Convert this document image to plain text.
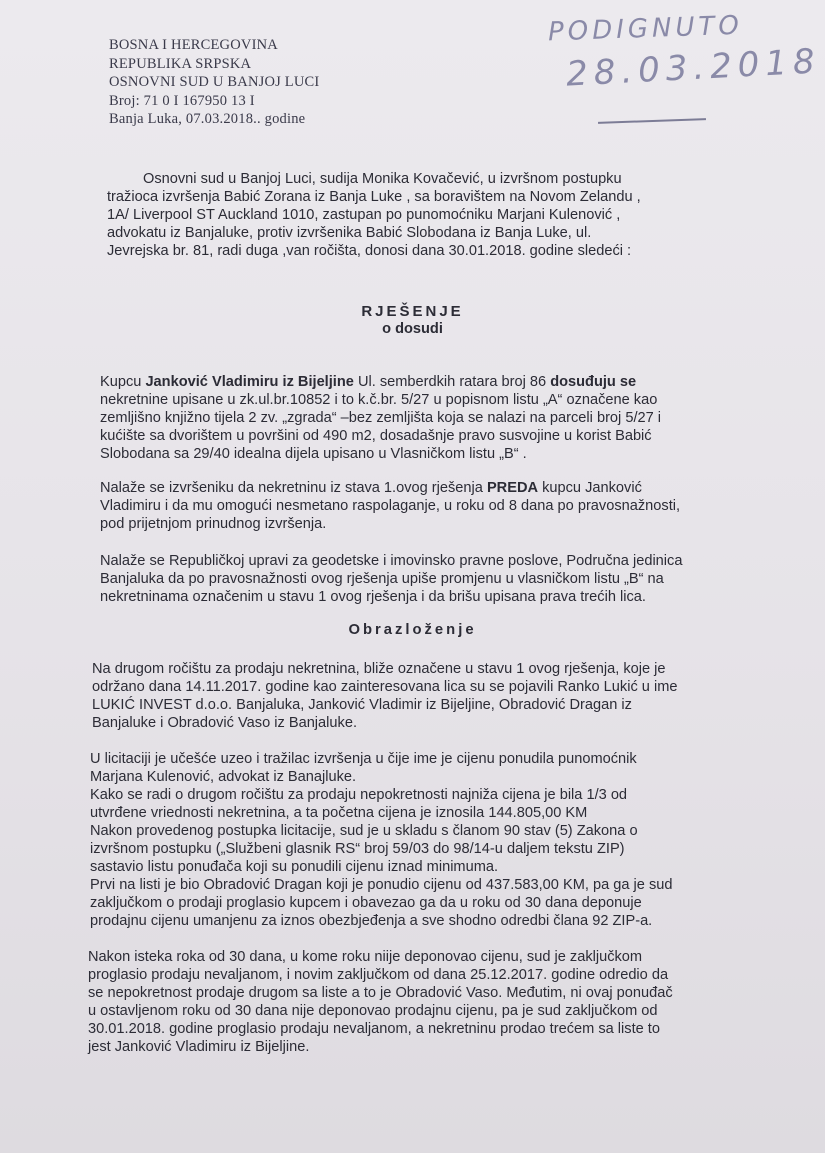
PODIGNUTO
28.03.2018
BOSNA I HERCEGOVINA
REPUBLIKA SRPSKA
OSNOVNI SUD U BANJOJ LUCI
Broj: 71 0 I 167950 13 I
Banja Luka, 07.03.2018.. godine
Osnovni sud u Banjoj Luci, sudija Monika Kovačević, u izvršnom postupku
tražioca izvršenja Babić Zorana iz Banja Luke , sa boravištem na Novom Zelandu ,
1A/ Liverpool ST Auckland 1010, zastupan po punomoćniku Marjani Kulenović ,
advokatu iz Banjaluke, protiv izvršenika Babić Slobodana iz Banja Luke, ul.
Jevrejska br. 81, radi duga ,van ročišta, donosi dana 30.01.2018. godine sledeći :
RJEŠENJE
o dosudi
Kupcu Janković Vladimiru iz Bijeljine Ul. semberdkih ratara broj 86 dosuđuju se
nekretnine upisane u zk.ul.br.10852 i to k.č.br. 5/27 u popisnom listu „A“ označene kao
zemljišno knjižno tijela 2 zv. „zgrada“ –bez zemljišta koja se nalazi na parceli broj 5/27 i
kućište sa dvorištem u površini od 490 m2, dosadašnje pravo susvojine u korist Babić
Slobodana sa 29/40 idealna dijela upisano u Vlasničkom listu „B“ .
Nalaže se izvršeniku da nekretninu iz stava 1.ovog rješenja PREDA kupcu Janković
Vladimiru i da mu omogući nesmetano raspolaganje, u roku od 8 dana po pravosnažnosti,
pod prijetnjom prinudnog izvršenja.
Nalaže se Republičkoj upravi za geodetske i imovinsko pravne poslove, Područna jedinica
Banjaluka da po pravosnažnosti ovog rješenja upiše promjenu u vlasničkom listu „B“ na
nekretninama označenim u stavu 1 ovog rješenja i da brišu upisana prava trećih lica.
Obrazloženje
Na drugom ročištu za prodaju nekretnina, bliže označene u stavu 1 ovog rješenja, koje je
održano dana 14.11.2017. godine kao zainteresovana lica su se pojavili Ranko Lukić u ime
LUKIĆ INVEST d.o.o. Banjaluka, Janković Vladimir iz Bijeljine, Obradović Dragan iz
Banjaluke i Obradović Vaso iz Banjaluke.
U licitaciji je učešće uzeo i tražilac izvršenja u čije ime je cijenu ponudila punomoćnik
Marjana Kulenović, advokat iz Banajluke.
Kako se radi o drugom ročištu za prodaju nepokretnosti najniža cijena je bila 1/3 od
utvrđene vriednosti nekretnina, a ta početna cijena je iznosila 144.805,00 KM
Nakon provedenog postupka licitacije, sud je u skladu s članom 90 stav (5) Zakona o
izvršnom postupku („Službeni glasnik RS“ broj 59/03 do 98/14-u daljem tekstu ZIP)
sastavio listu ponuđača koji su ponudili cijenu iznad minimuma.
Prvi na listi je bio Obradović Dragan koji je ponudio cijenu od 437.583,00 KM, pa ga je sud
zaključkom o prodaji proglasio kupcem i obavezao ga da u roku od 30 dana deponuje
prodajnu cijenu umanjenu za iznos obezbjeđenja a sve shodno odredbi člana 92 ZIP-a.
Nakon isteka roka od 30 dana, u kome roku niije deponovao cijenu, sud je zaključkom
proglasio prodaju nevaljanom, i novim zaključkom od dana 25.12.2017. godine odredio da
se nepokretnost prodaje drugom sa liste a to je Obradović Vaso. Međutim, ni ovaj ponuđač
u ostavljenom roku od 30 dana nije deponovao prodajnu cijenu, pa je sud zaključkom od
30.01.2018. godine proglasio prodaju nevaljanom, a nekretninu prodao trećem sa liste to
jest Janković Vladimiru iz Bijeljine.
